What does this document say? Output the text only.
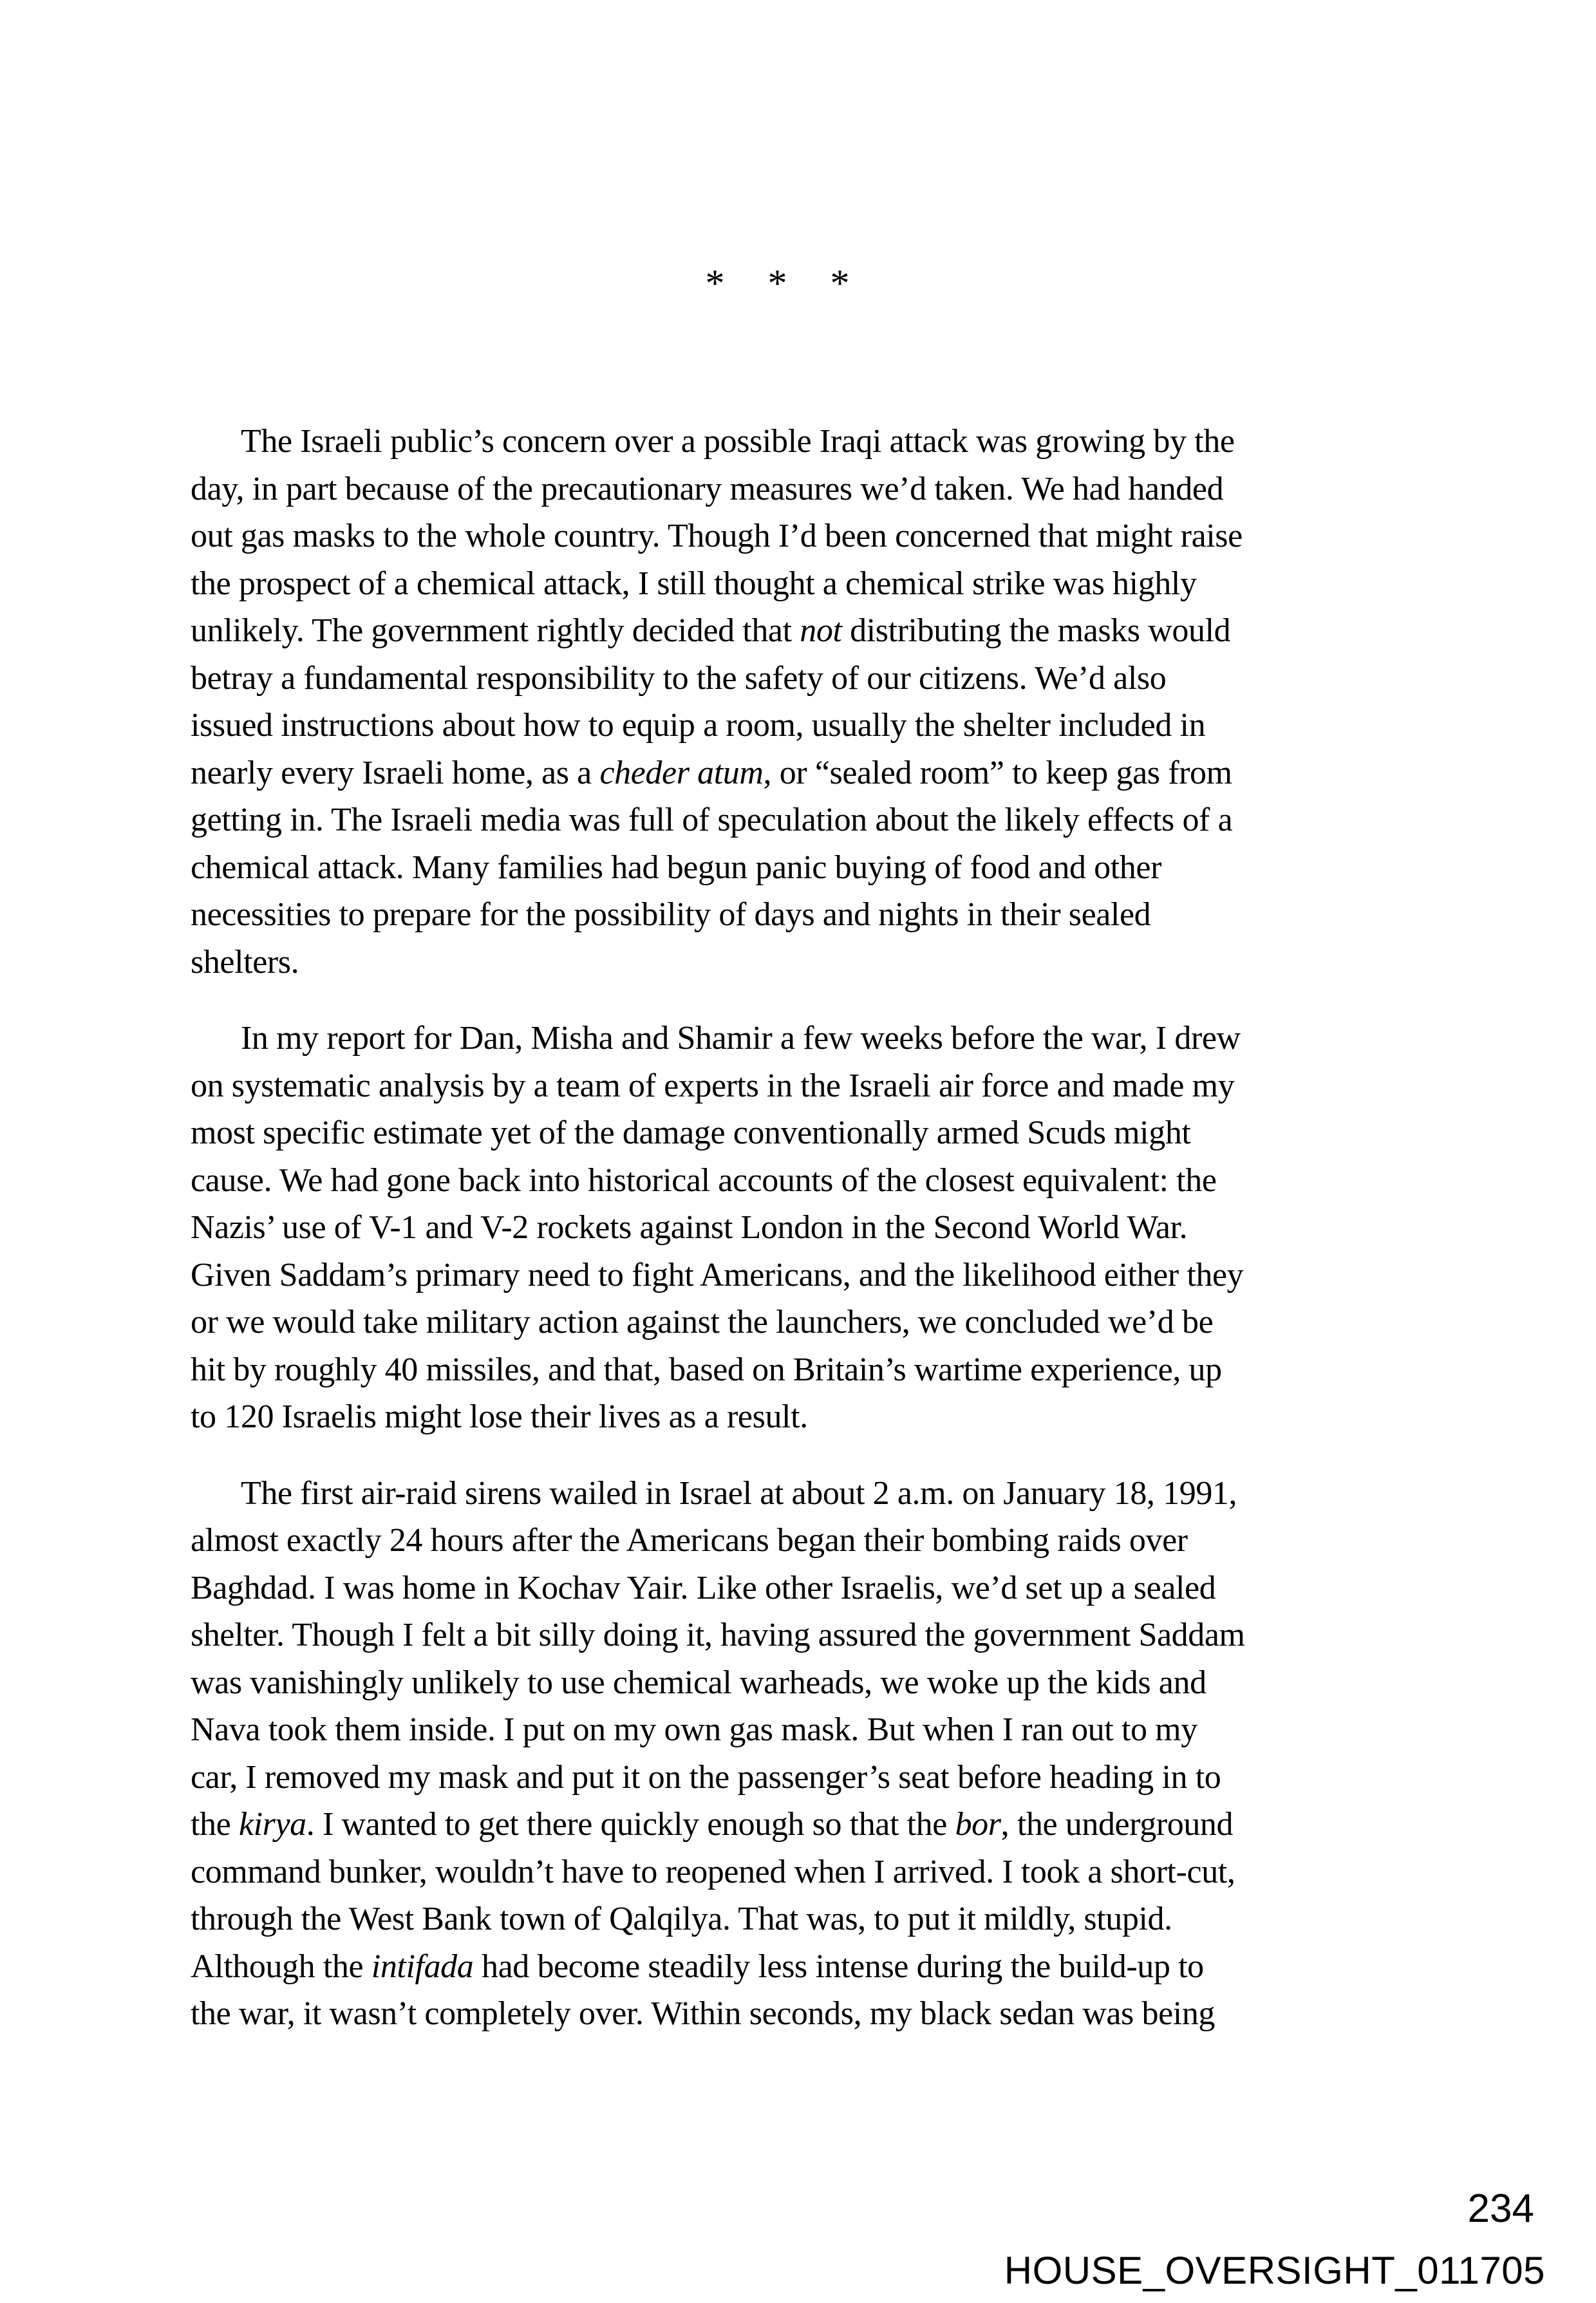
* * *
The Israeli public’s concern over a possible Iraqi attack was growing by the
day, in part because of the precautionary measures we’d taken. We had handed
out gas masks to the whole country. Though I’d been concerned that might raise
the prospect of a chemical attack, I still thought a chemical strike was highly
unlikely. The government rightly decided that not distributing the masks would
betray a fundamental responsibility to the safety of our citizens. We’d also
issued instructions about how to equip a room, usually the shelter included in
nearly every Israeli home, as a cheder atum, or “sealed room” to keep gas from
getting in. The Israeli media was full of speculation about the likely effects of a
chemical attack. Many families had begun panic buying of food and other
necessities to prepare for the possibility of days and nights in their sealed
shelters.
In my report for Dan, Misha and Shamir a few weeks before the war, I drew
on systematic analysis by a team of experts in the Israeli air force and made my
most specific estimate yet of the damage conventionally armed Scuds might
cause. We had gone back into historical accounts of the closest equivalent: the
Nazis’ use of V-1 and V-2 rockets against London in the Second World War.
Given Saddam’s primary need to fight Americans, and the likelihood either they
or we would take military action against the launchers, we concluded we’d be
hit by roughly 40 missiles, and that, based on Britain’s wartime experience, up
to 120 Israelis might lose their lives as a result.
The first air-raid sirens wailed in Israel at about 2 a.m. on January 18, 1991,
almost exactly 24 hours after the Americans began their bombing raids over
Baghdad. I was home in Kochav Yair. Like other Israelis, we’d set up a sealed
shelter. Though I felt a bit silly doing it, having assured the government Saddam
was vanishingly unlikely to use chemical warheads, we woke up the kids and
Nava took them inside. I put on my own gas mask. But when I ran out to my
car, I removed my mask and put it on the passenger’s seat before heading in to
the kirya. I wanted to get there quickly enough so that the bor, the underground
command bunker, wouldn’t have to reopened when I arrived. I took a short-cut,
through the West Bank town of Qalqilya. That was, to put it mildly, stupid.
Although the intifada had become steadily less intense during the build-up to
the war, it wasn’t completely over. Within seconds, my black sedan was being
234
HOUSE_OVERSIGHT_011705
